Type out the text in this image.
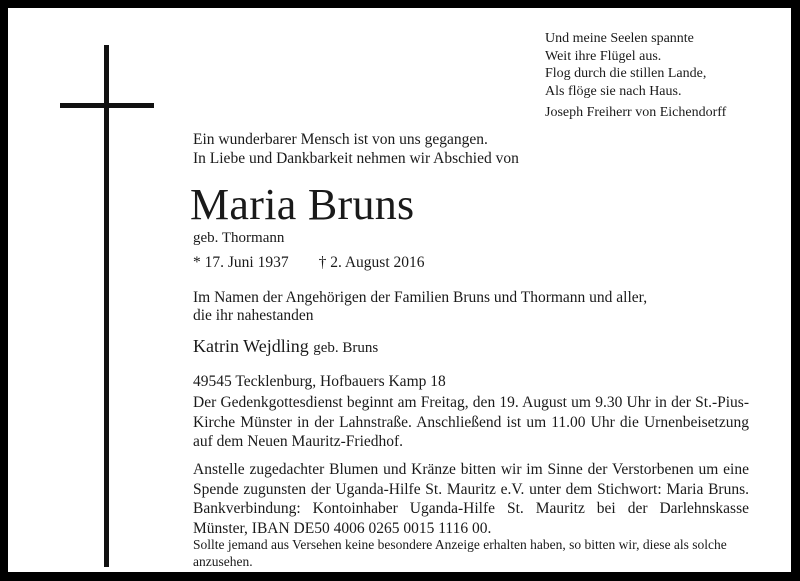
Und meine Seelen spannte
Weit ihre Flügel aus.
Flog durch die stillen Lande,
Als flöge sie nach Haus.
Joseph Freiherr von Eichendorff
Ein wunderbarer Mensch ist von uns gegangen.
In Liebe und Dankbarkeit nehmen wir Abschied von
Maria Bruns
geb. Thormann
* 17. Juni 1937 † 2. August 2016
Im Namen der Angehörigen der Familien Bruns und Thormann und aller,
die ihr nahestanden
Katrin Wejdling geb. Bruns
49545 Tecklenburg, Hofbauers Kamp 18
Der Gedenkgottesdienst beginnt am Freitag, den 19. August um 9.30 Uhr in der St.-Pius-Kirche Münster in der Lahnstraße. Anschließend ist um 11.00 Uhr die Urnenbeisetzung auf dem Neuen Mauritz-Friedhof.
Anstelle zugedachter Blumen und Kränze bitten wir im Sinne der Verstorbenen um eine Spende zugunsten der Uganda-Hilfe St. Mauritz e.V. unter dem Stichwort: Maria Bruns. Bankverbindung: Kontoinhaber Uganda-Hilfe St. Mauritz bei der Darlehnskasse Münster, IBAN DE50 4006 0265 0015 1116 00.
Sollte jemand aus Versehen keine besondere Anzeige erhalten haben, so bitten wir, diese als solche anzusehen.
